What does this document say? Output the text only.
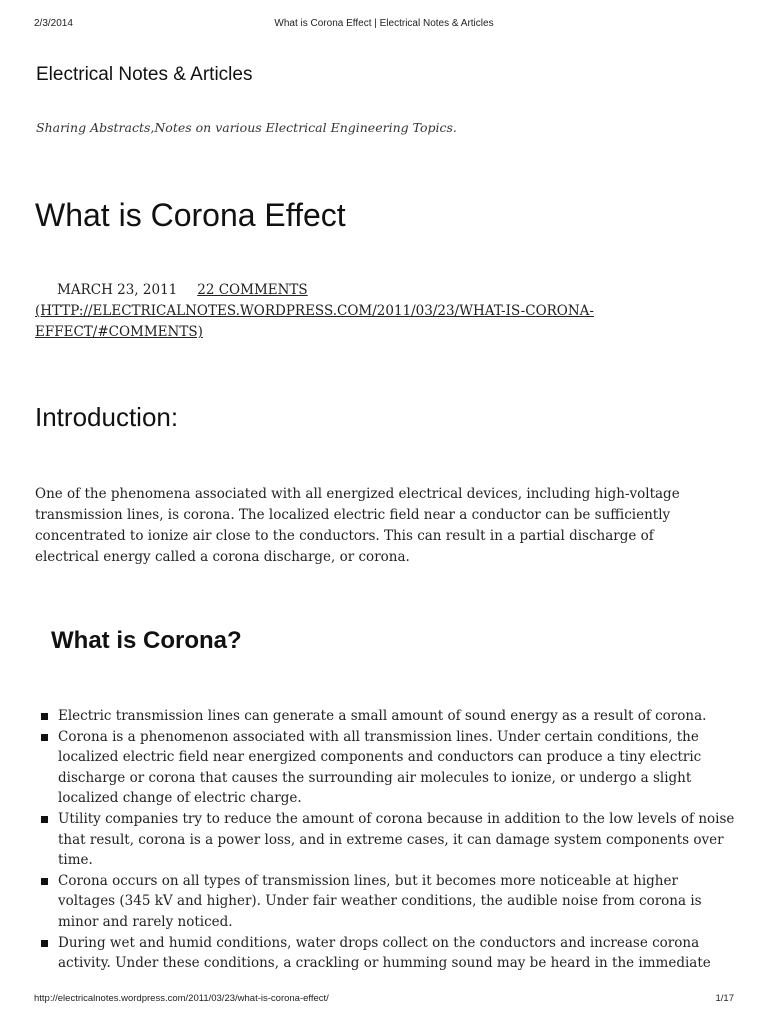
2/3/2014	What is Corona Effect | Electrical Notes & Articles
Electrical Notes & Articles
Sharing Abstracts,Notes on various Electrical Engineering Topics.
What is Corona Effect
MARCH 23, 2011 22 COMMENTS
(HTTP://ELECTRICALNOTES.WORDPRESS.COM/2011/03/23/WHAT-IS-CORONA-EFFECT/#COMMENTS)
Introduction:

One of the phenomena associated with all energized electrical devices, including high-voltage transmission lines, is corona. The localized electric field near a conductor can be sufficiently concentrated to ionize air close to the conductors. This can result in a partial discharge of electrical energy called a corona discharge, or corona.

What is Corona?
Electric transmission lines can generate a small amount of sound energy as a result of corona.
Corona is a phenomenon associated with all transmission lines. Under certain conditions, the localized electric field near energized components and conductors can produce a tiny electric discharge or corona that causes the surrounding air molecules to ionize, or undergo a slight localized change of electric charge.
Utility companies try to reduce the amount of corona because in addition to the low levels of noise that result, corona is a power loss, and in extreme cases, it can damage system components over time.
Corona occurs on all types of transmission lines, but it becomes more noticeable at higher voltages (345 kV and higher). Under fair weather conditions, the audible noise from corona is minor and rarely noticed.
During wet and humid conditions, water drops collect on the conductors and increase corona activity. Under these conditions, a crackling or humming sound may be heard in the immediate
http://electricalnotes.wordpress.com/2011/03/23/what-is-corona-effect/	1/17
